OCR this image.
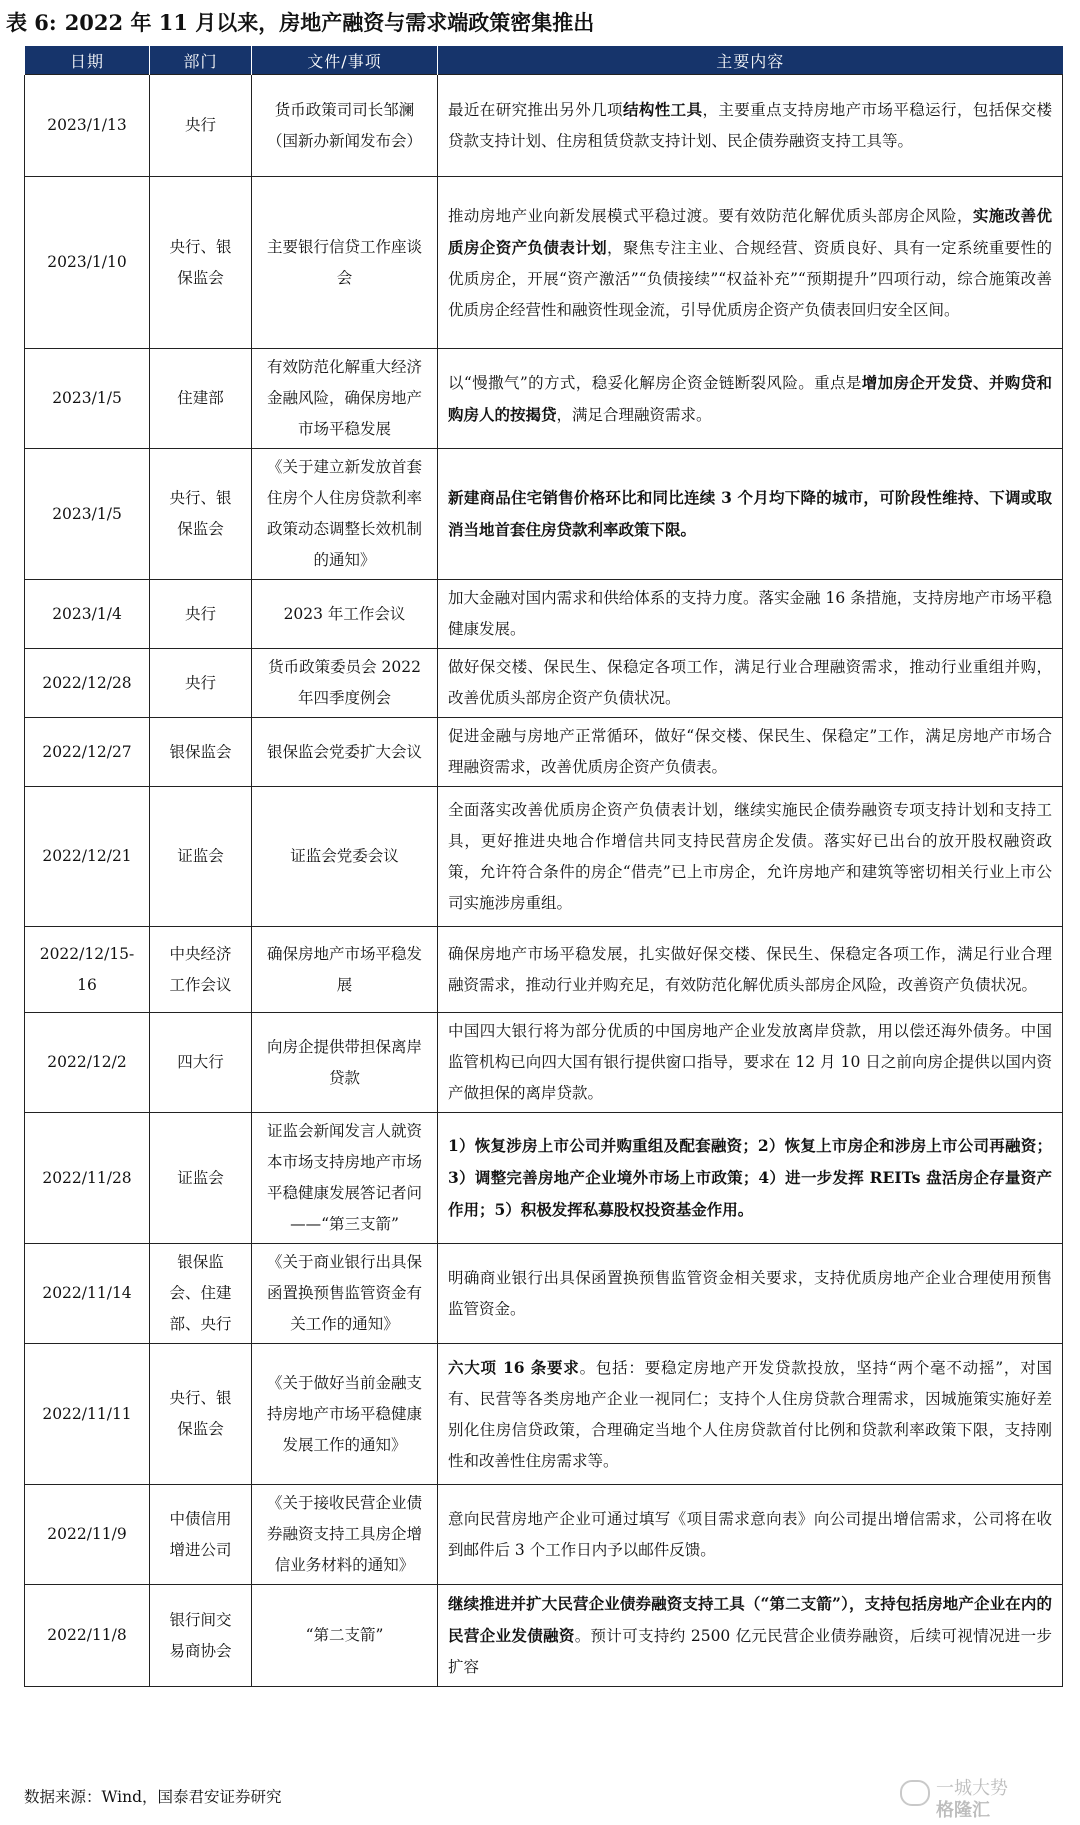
表 6: 2022 年 11 月以来，房地产融资与需求端政策密集推出
日期	部门	文件/事项	主要内容
2023/1/13	央行	货币政策司司长邹澜（国新办新闻发布会）	最近在研究推出另外几项结构性工具，主要重点支持房地产市场平稳运行，包括保交楼贷款支持计划、住房租赁贷款支持计划、民企债券融资支持工具等。
2023/1/10	央行、银保监会	主要银行信贷工作座谈会	推动房地产业向新发展模式平稳过渡。要有效防范化解优质头部房企风险，实施改善优质房企资产负债表计划，聚焦专注主业、合规经营、资质良好、具有一定系统重要性的优质房企，开展“资产激活”“负债接续”“权益补充”“预期提升”四项行动，综合施策改善优质房企经营性和融资性现金流，引导优质房企资产负债表回归安全区间。
2023/1/5	住建部	有效防范化解重大经济金融风险，确保房地产市场平稳发展	以“慢撒气”的方式，稳妥化解房企资金链断裂风险。重点是增加房企开发贷、并购贷和购房人的按揭贷，满足合理融资需求。
2023/1/5	央行、银保监会	《关于建立新发放首套住房个人住房贷款利率政策动态调整长效机制的通知》	新建商品住宅销售价格环比和同比连续 3 个月均下降的城市，可阶段性维持、下调或取消当地首套住房贷款利率政策下限。
2023/1/4	央行	2023 年工作会议	加大金融对国内需求和供给体系的支持力度。落实金融 16 条措施，支持房地产市场平稳健康发展。
2022/12/28	央行	货币政策委员会 2022 年四季度例会	做好保交楼、保民生、保稳定各项工作，满足行业合理融资需求，推动行业重组并购，改善优质头部房企资产负债状况。
2022/12/27	银保监会	银保监会党委扩大会议	促进金融与房地产正常循环，做好“保交楼、保民生、保稳定”工作，满足房地产市场合理融资需求，改善优质房企资产负债表。
2022/12/21	证监会	证监会党委会议	全面落实改善优质房企资产负债表计划，继续实施民企债券融资专项支持计划和支持工具，更好推进央地合作增信共同支持民营房企发债。落实好已出台的放开股权融资政策，允许符合条件的房企“借壳”已上市房企，允许房地产和建筑等密切相关行业上市公司实施涉房重组。
2022/12/15-16	中央经济工作会议	确保房地产市场平稳发展	确保房地产市场平稳发展，扎实做好保交楼、保民生、保稳定各项工作，满足行业合理融资需求，推动行业并购充足，有效防范化解优质头部房企风险，改善资产负债状况。
2022/12/2	四大行	向房企提供带担保离岸贷款	中国四大银行将为部分优质的中国房地产企业发放离岸贷款，用以偿还海外债务。中国监管机构已向四大国有银行提供窗口指导，要求在 12 月 10 日之前向房企提供以国内资产做担保的离岸贷款。
2022/11/28	证监会	证监会新闻发言人就资本市场支持房地产市场平稳健康发展答记者问——“第三支箭”	1）恢复涉房上市公司并购重组及配套融资；2）恢复上市房企和涉房上市公司再融资；3）调整完善房地产企业境外市场上市政策；4）进一步发挥 REITs 盘活房企存量资产作用；5）积极发挥私募股权投资基金作用。
2022/11/14	银保监会、住建部、央行	《关于商业银行出具保函置换预售监管资金有关工作的通知》	明确商业银行出具保函置换预售监管资金相关要求，支持优质房地产企业合理使用预售监管资金。
2022/11/11	央行、银保监会	《关于做好当前金融支持房地产市场平稳健康发展工作的通知》	六大项 16 条要求。包括：要稳定房地产开发贷款投放，坚持“两个毫不动摇”，对国有、民营等各类房地产企业一视同仁；支持个人住房贷款合理需求，因城施策实施好差别化住房信贷政策，合理确定当地个人住房贷款首付比例和贷款利率政策下限，支持刚性和改善性住房需求等。
2022/11/9	中债信用增进公司	《关于接收民营企业债券融资支持工具房企增信业务材料的通知》	意向民营房地产企业可通过填写《项目需求意向表》向公司提出增信需求，公司将在收到邮件后 3 个工作日内予以邮件反馈。
2022/11/8	银行间交易商协会	“第二支箭”	继续推进并扩大民营企业债券融资支持工具（“第二支箭”），支持包括房地产企业在内的民营企业发债融资。预计可支持约 2500 亿元民营企业债券融资，后续可视情况进一步扩容
数据来源：Wind，国泰君安证券研究	一城大势
格隆汇
